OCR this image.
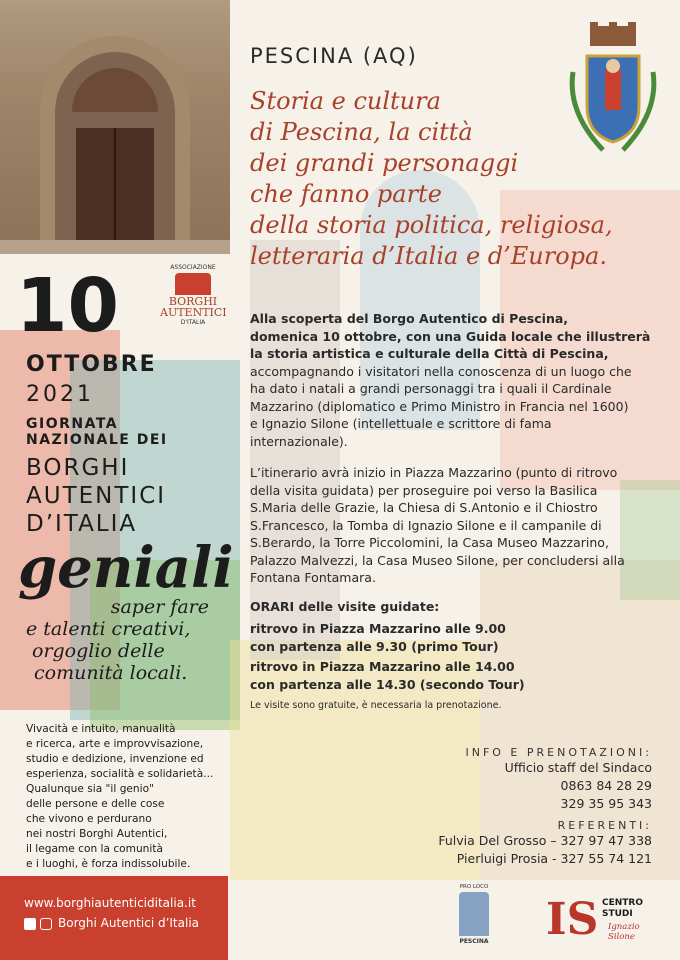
PESCINA (AQ)
Storia e cultura
di Pescina, la città
dei grandi personaggi
che fanno parte
della storia politica, religiosa,
letteraria d’Italia e d’Europa.
ASSOCIAZIONE
BORGHI
AUTENTICI
D'ITALIA
10
OTTOBRE
2021
GIORNATA
NAZIONALE DEI
BORGHI
AUTENTICI
D’ITALIA
geniali
saper fare
e talenti creativi,
orgoglio delle
comunità locali.
Vivacità e intuito, manualità
e ricerca, arte e improvvisazione,
studio e dedizione, invenzione ed
esperienza, socialità e solidarietà...
Qualunque sia "il genio"
delle persone e delle cose
che vivono e perdurano
nei nostri Borghi Autentici,
il legame con la comunità
e i luoghi, è forza indissolubile.
www.borghiautenticiditalia.it
Borghi Autentici d’Italia
Alla scoperta del Borgo Autentico di Pescina,
domenica 10 ottobre, con una Guida locale che illustrerà
la storia artistica e culturale della Città di Pescina,
accompagnando i visitatori nella conoscenza di un luogo che
ha dato i natali a grandi personaggi tra i quali il Cardinale
Mazzarino (diplomatico e Primo Ministro in Francia nel 1600)
e Ignazio Silone (intellettuale e scrittore di fama
internazionale).
L’itinerario avrà inizio in Piazza Mazzarino (punto di ritrovo
della visita guidata) per proseguire poi verso la Basilica
S.Maria delle Grazie, la Chiesa di S.Antonio e il Chiostro
S.Francesco, la Tomba di Ignazio Silone e il campanile di
S.Berardo, la Torre Piccolomini, la Casa Museo Mazzarino,
Palazzo Malvezzi, la Casa Museo Silone, per concludersi alla
Fontana Fontamara.
ORARI delle visite guidate:
ritrovo in Piazza Mazzarino alle 9.00
con partenza alle 9.30 (primo Tour)
ritrovo in Piazza Mazzarino alle 14.00
con partenza alle 14.30 (secondo Tour)
Le visite sono gratuite, è necessaria la prenotazione.
INFO E PRENOTAZIONI:
Ufficio staff del Sindaco
0863 84 28 29
329 35 95 343
REFERENTI:
Fulvia Del Grosso – 327 97 47 338
Pierluigi Prosia - 327 55 74 121
PRO LOCO
PESCINA IS CENTRO
STUDI
Ignazio
Silone
